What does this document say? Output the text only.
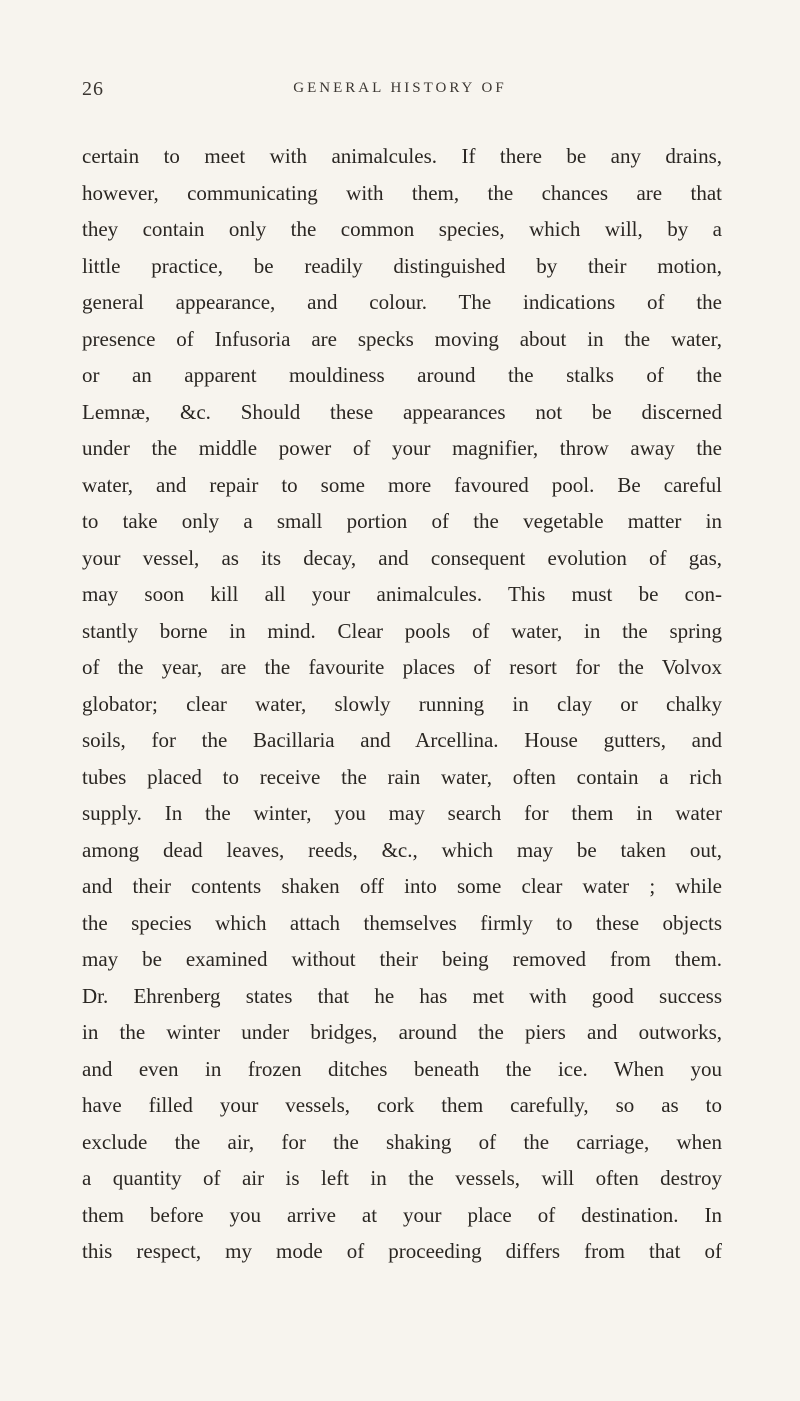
26	GENERAL HISTORY OF
certain to meet with animalcules. If there be any drains,
however, communicating with them, the chances are that
they contain only the common species, which will, by a
little practice, be readily distinguished by their motion,
general appearance, and colour. The indications of the
presence of Infusoria are specks moving about in the water,
or an apparent mouldiness around the stalks of the
Lemnæ, &c. Should these appearances not be discerned
under the middle power of your magnifier, throw away the
water, and repair to some more favoured pool. Be careful
to take only a small portion of the vegetable matter in
your vessel, as its decay, and consequent evolution of gas,
may soon kill all your animalcules. This must be con-
stantly borne in mind. Clear pools of water, in the spring
of the year, are the favourite places of resort for the Volvox
globator; clear water, slowly running in clay or chalky
soils, for the Bacillaria and Arcellina. House gutters, and
tubes placed to receive the rain water, often contain a rich
supply. In the winter, you may search for them in water
among dead leaves, reeds, &c., which may be taken out,
and their contents shaken off into some clear water ; while
the species which attach themselves firmly to these objects
may be examined without their being removed from them.
Dr. Ehrenberg states that he has met with good success
in the winter under bridges, around the piers and outworks,
and even in frozen ditches beneath the ice. When you
have filled your vessels, cork them carefully, so as to
exclude the air, for the shaking of the carriage, when
a quantity of air is left in the vessels, will often destroy
them before you arrive at your place of destination. In
this respect, my mode of proceeding differs from that of
